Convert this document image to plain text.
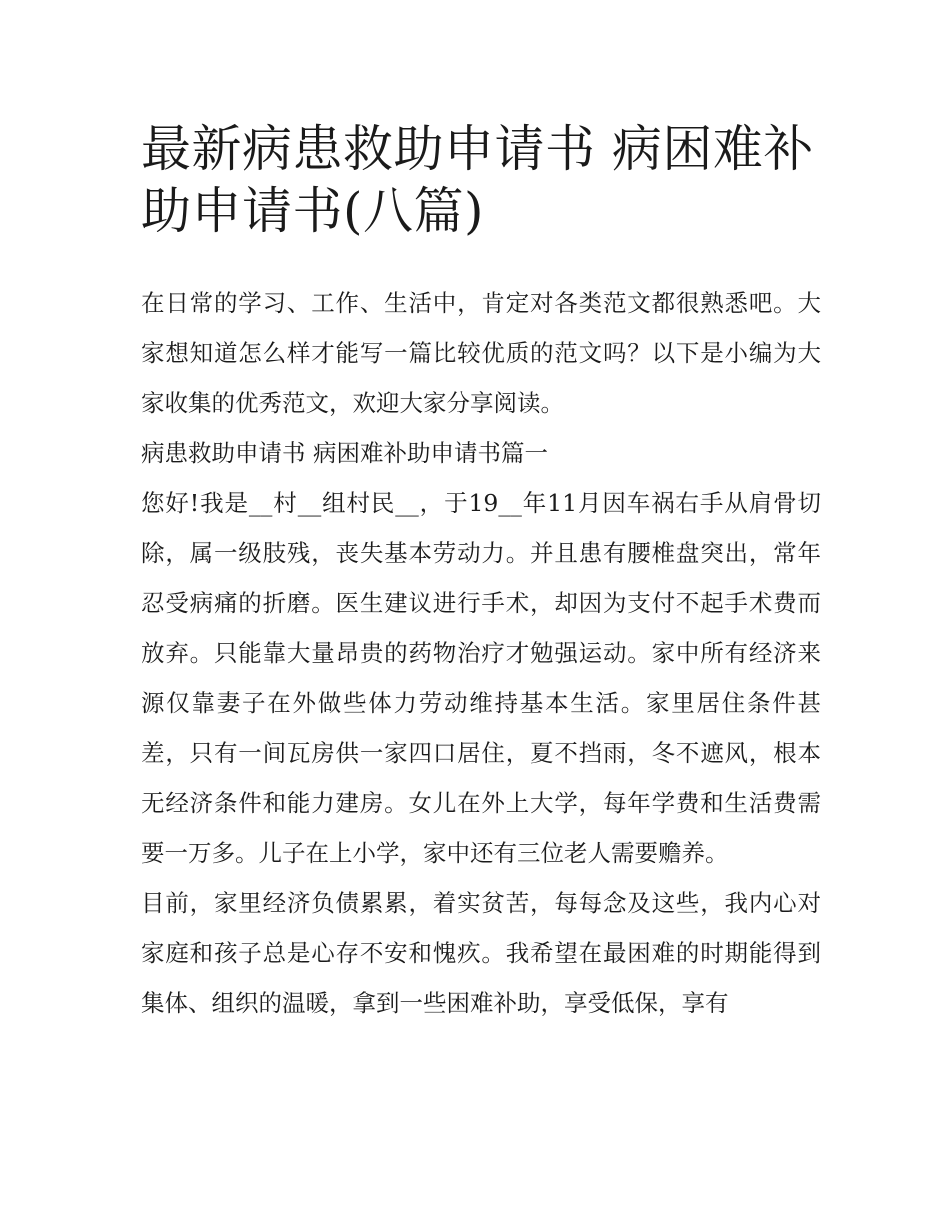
最新病患救助申请书 病困难补助申请书(八篇)

在日常的学习、工作、生活中，肯定对各类范文都很熟悉吧。大家想知道怎么样才能写一篇比较优质的范文吗？以下是小编为大家收集的优秀范文，欢迎大家分享阅读。

病患救助申请书 病困难补助申请书篇一

您好!我是__村__组村民__，于19__年11月因车祸右手从肩骨切除，属一级肢残，丧失基本劳动力。并且患有腰椎盘突出，常年忍受病痛的折磨。医生建议进行手术，却因为支付不起手术费而放弃。只能靠大量昂贵的药物治疗才勉强运动。家中所有经济来源仅靠妻子在外做些体力劳动维持基本生活。家里居住条件甚差，只有一间瓦房供一家四口居住，夏不挡雨，冬不遮风，根本无经济条件和能力建房。女儿在外上大学，每年学费和生活费需要一万多。儿子在上小学，家中还有三位老人需要赡养。

目前，家里经济负债累累，着实贫苦，每每念及这些，我内心对家庭和孩子总是心存不安和愧疚。我希望在最困难的时期能得到集体、组织的温暖，拿到一些困难补助，享受低保，享有
